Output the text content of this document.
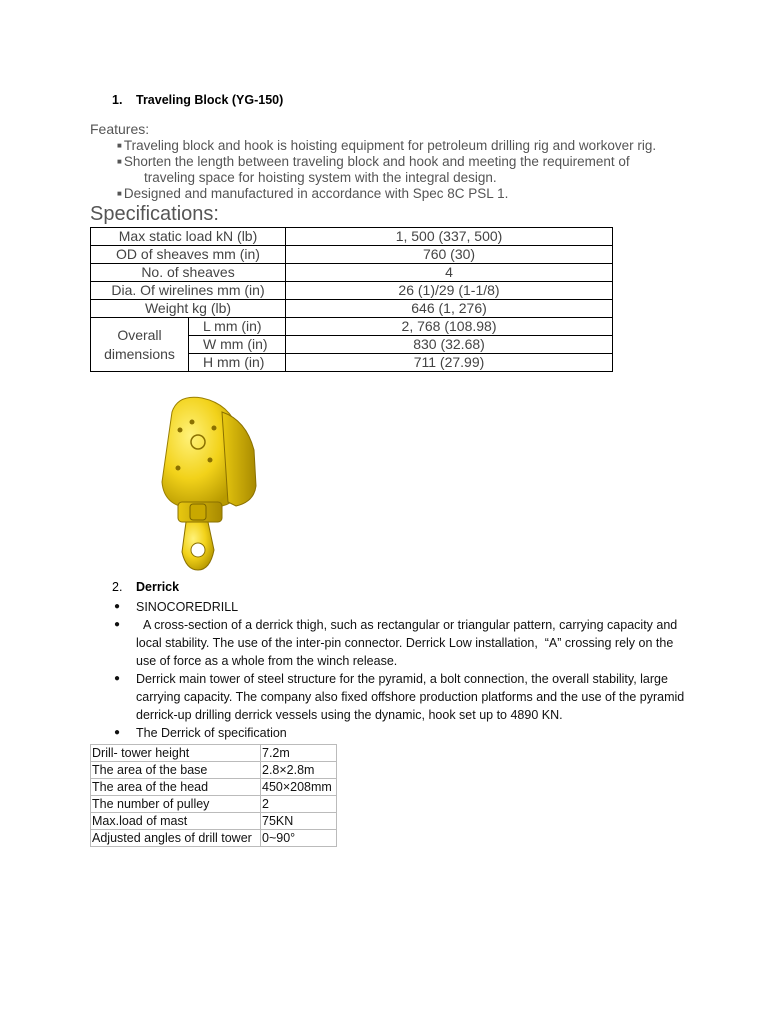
1. Traveling Block (YG-150)
Features:
■ Traveling block and hook is hoisting equipment for petroleum drilling rig and workover rig.
■ Shorten the length between traveling block and hook and meeting the requirement of
traveling space for hoisting system with the integral design.
■ Designed and manufactured in accordance with Spec 8C PSL 1.
Specifications:
Max static load kN (lb)		1, 500 (337, 500)
OD of sheaves mm (in)		760 (30)
No. of sheaves		4
Dia. Of wirelines mm (in)		26 (1)/29 (1-1/8)
Weight kg (lb)		646 (1, 276)
Overall dimensions	L mm (in)	2, 768 (108.98)
	W mm (in)	830 (32.68)
	H mm (in)	711 (27.99)
2. Derrick
● SINOCOREDRILL
● A cross-section of a derrick thigh, such as rectangular or triangular pattern, carrying capacity and local stability. The use of the inter-pin connector. Derrick Low installation,  “A” crossing rely on the use of force as a whole from the winch release.
● Derrick main tower of steel structure for the pyramid, a bolt connection, the overall stability, large carrying capacity. The company also fixed offshore production platforms and the use of the pyramid derrick-up drilling derrick vessels using the dynamic, hook set up to 4890 KN.
● The Derrick of specification
Drill- tower height	7.2m
The area of the base	2.8×2.8m
The area of the head	450×208mm
The number of pulley	2
Max.load of mast	75KN
Adjusted angles of drill tower	0~90°
